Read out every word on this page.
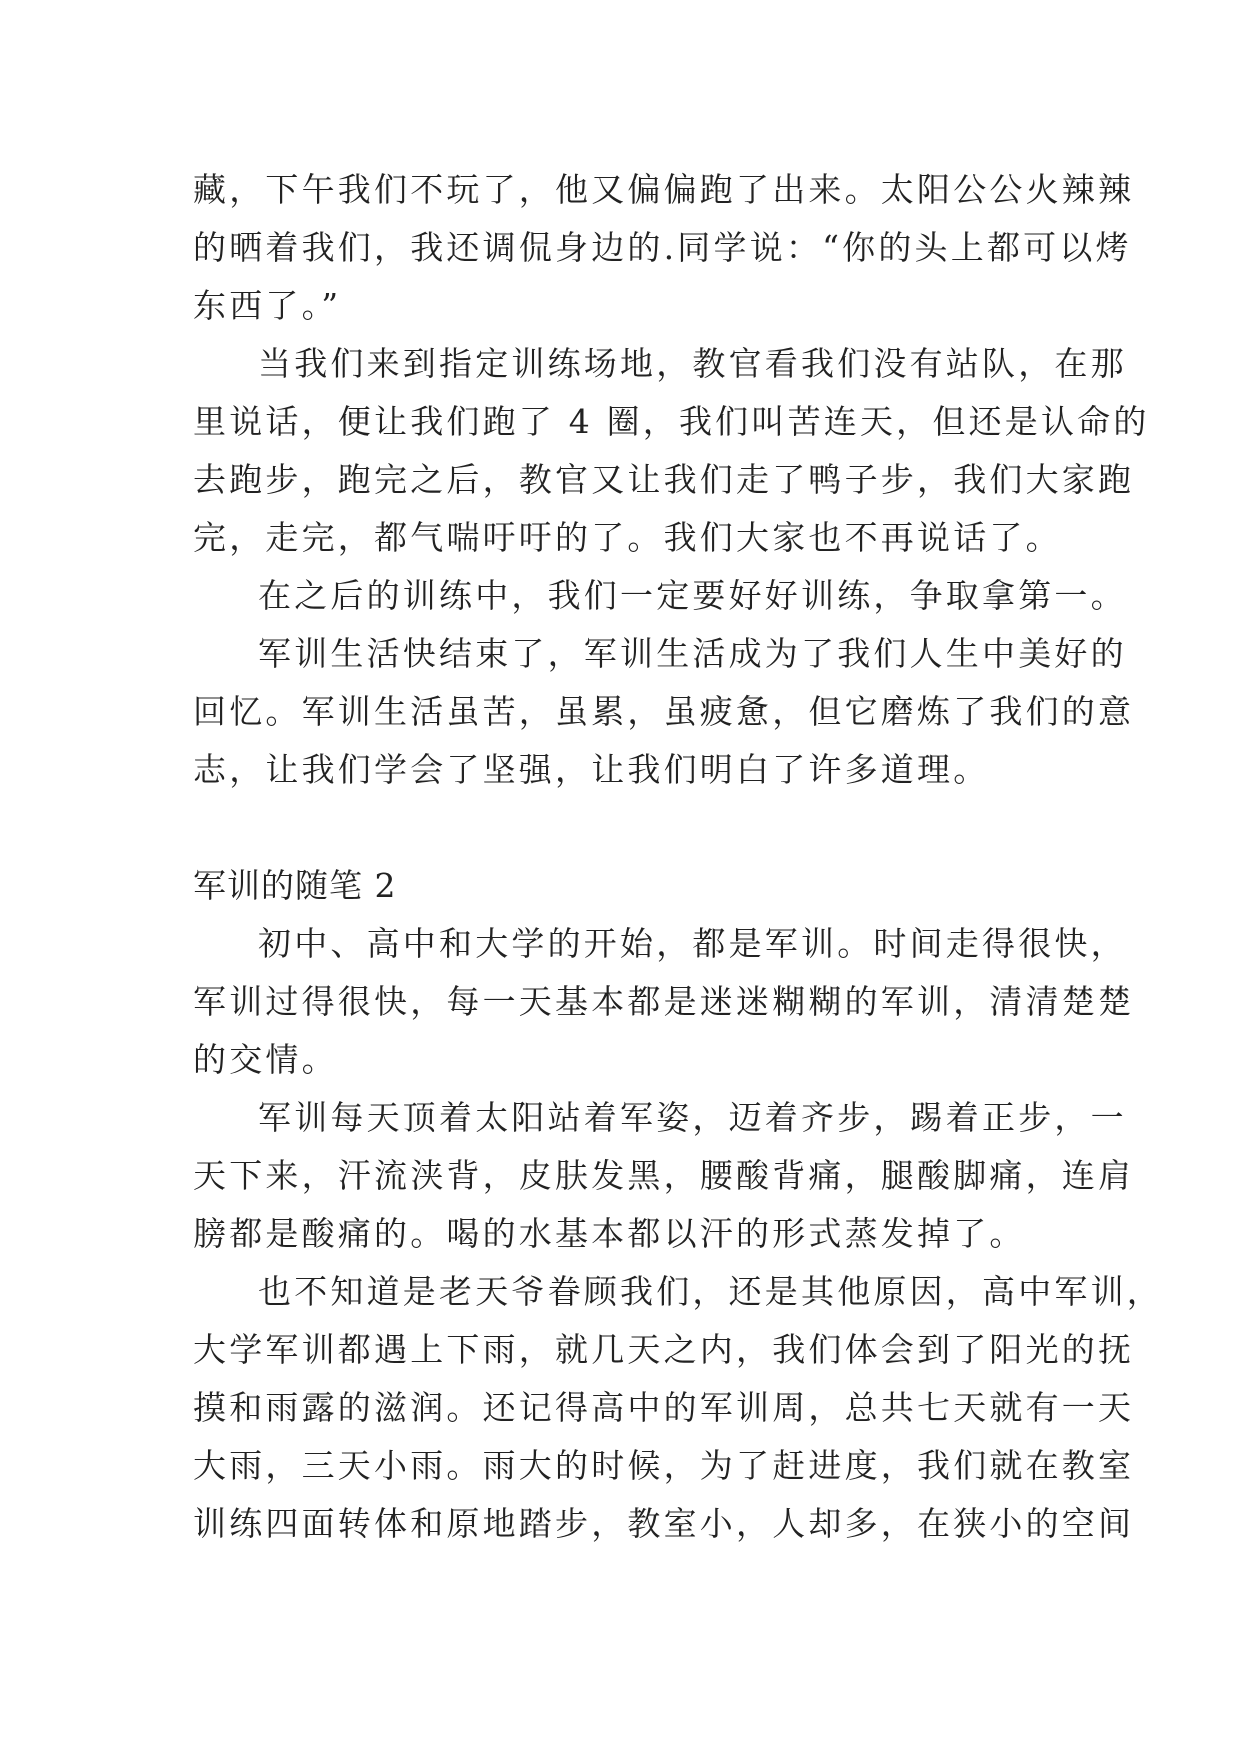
藏，下午我们不玩了，他又偏偏跑了出来。太阳公公火辣辣
的晒着我们，我还调侃身边的.同学说：“你的头上都可以烤
东西了。”
当我们来到指定训练场地，教官看我们没有站队，在那
里说话，便让我们跑了 4 圈，我们叫苦连天，但还是认命的
去跑步，跑完之后，教官又让我们走了鸭子步，我们大家跑
完，走完，都气喘吁吁的了。我们大家也不再说话了。
在之后的训练中，我们一定要好好训练，争取拿第一。
军训生活快结束了，军训生活成为了我们人生中美好的
回忆。军训生活虽苦，虽累，虽疲惫，但它磨炼了我们的意
志，让我们学会了坚强，让我们明白了许多道理。
军训的随笔 2
初中、高中和大学的开始，都是军训。时间走得很快，
军训过得很快，每一天基本都是迷迷糊糊的军训，清清楚楚
的交情。
军训每天顶着太阳站着军姿，迈着齐步，踢着正步，一
天下来，汗流浃背，皮肤发黑，腰酸背痛，腿酸脚痛，连肩
膀都是酸痛的。喝的水基本都以汗的形式蒸发掉了。
也不知道是老天爷眷顾我们，还是其他原因，高中军训，
大学军训都遇上下雨，就几天之内，我们体会到了阳光的抚
摸和雨露的滋润。还记得高中的军训周，总共七天就有一天
大雨，三天小雨。雨大的时候，为了赶进度，我们就在教室
训练四面转体和原地踏步，教室小，人却多，在狭小的空间
